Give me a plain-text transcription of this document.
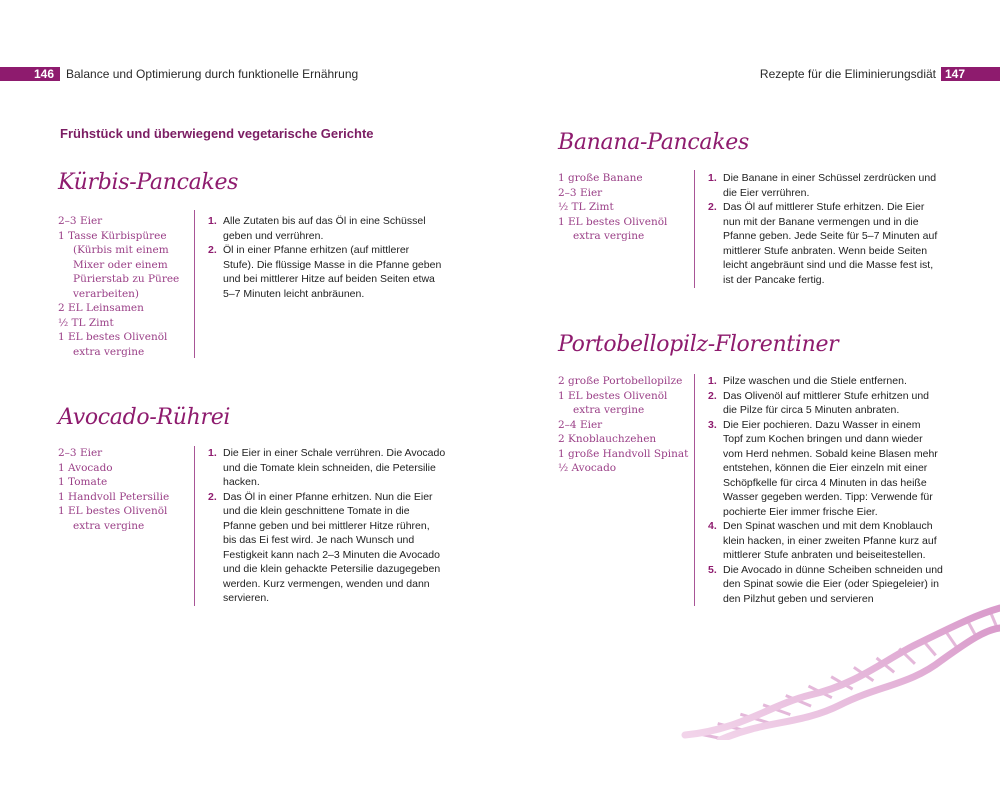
146 Balance und Optimierung durch funktionelle Ernährung	Rezepte für die Eliminierungsdiät 147
Frühstück und überwiegend vegetarische Gerichte
Kürbis-Pancakes
2–3 Eier
1 Tasse Kürbispüree
(Kürbis mit einem
Mixer oder einem
Pürierstab zu Püree
verarbeiten)
2 EL Leinsamen
½ TL Zimt
1 EL bestes Olivenöl
extra vergine
1. Alle Zutaten bis auf das Öl in eine Schüssel
geben und verrühren.
2. Öl in einer Pfanne erhitzen (auf mittlerer
Stufe). Die flüssige Masse in die Pfanne geben
und bei mittlerer Hitze auf beiden Seiten etwa
5–7 Minuten leicht anbräunen.
Avocado-Rührei
2–3 Eier
1 Avocado
1 Tomate
1 Handvoll Petersilie
1 EL bestes Olivenöl
extra vergine
1. Die Eier in einer Schale verrühren. Die Avocado
und die Tomate klein schneiden, die Petersilie
hacken.
2. Das Öl in einer Pfanne erhitzen. Nun die Eier
und die klein geschnittene Tomate in die
Pfanne geben und bei mittlerer Hitze rühren,
bis das Ei fest wird. Je nach Wunsch und
Festigkeit kann nach 2–3 Minuten die Avocado
und die klein gehackte Petersilie dazugegeben
werden. Kurz vermengen, wenden und dann
servieren.
Banana-Pancakes
1 große Banane
2–3 Eier
½ TL Zimt
1 EL bestes Olivenöl
extra vergine
1. Die Banane in einer Schüssel zerdrücken und
die Eier verrühren.
2. Das Öl auf mittlerer Stufe erhitzen. Die Eier
nun mit der Banane vermengen und in die
Pfanne geben. Jede Seite für 5–7 Minuten auf
mittlerer Stufe anbraten. Wenn beide Seiten
leicht angebräunt sind und die Masse fest ist,
ist der Pancake fertig.
Portobellopilz-Florentiner
2 große Portobellopilze
1 EL bestes Olivenöl
extra vergine
2–4 Eier
2 Knoblauchzehen
1 große Handvoll Spinat
½ Avocado
1. Pilze waschen und die Stiele entfernen.
2. Das Olivenöl auf mittlerer Stufe erhitzen und
die Pilze für circa 5 Minuten anbraten.
3. Die Eier pochieren. Dazu Wasser in einem
Topf zum Kochen bringen und dann wieder
vom Herd nehmen. Sobald keine Blasen mehr
entstehen, können die Eier einzeln mit einer
Schöpfkelle für circa 4 Minuten in das heiße
Wasser gegeben werden. Tipp: Verwende für
pochierte Eier immer frische Eier.
4. Den Spinat waschen und mit dem Knoblauch
klein hacken, in einer zweiten Pfanne kurz auf
mittlerer Stufe anbraten und beiseitestellen.
5. Die Avocado in dünne Scheiben schneiden und
den Spinat sowie die Eier (oder Spiegeleier) in
den Pilzhut geben und servieren
